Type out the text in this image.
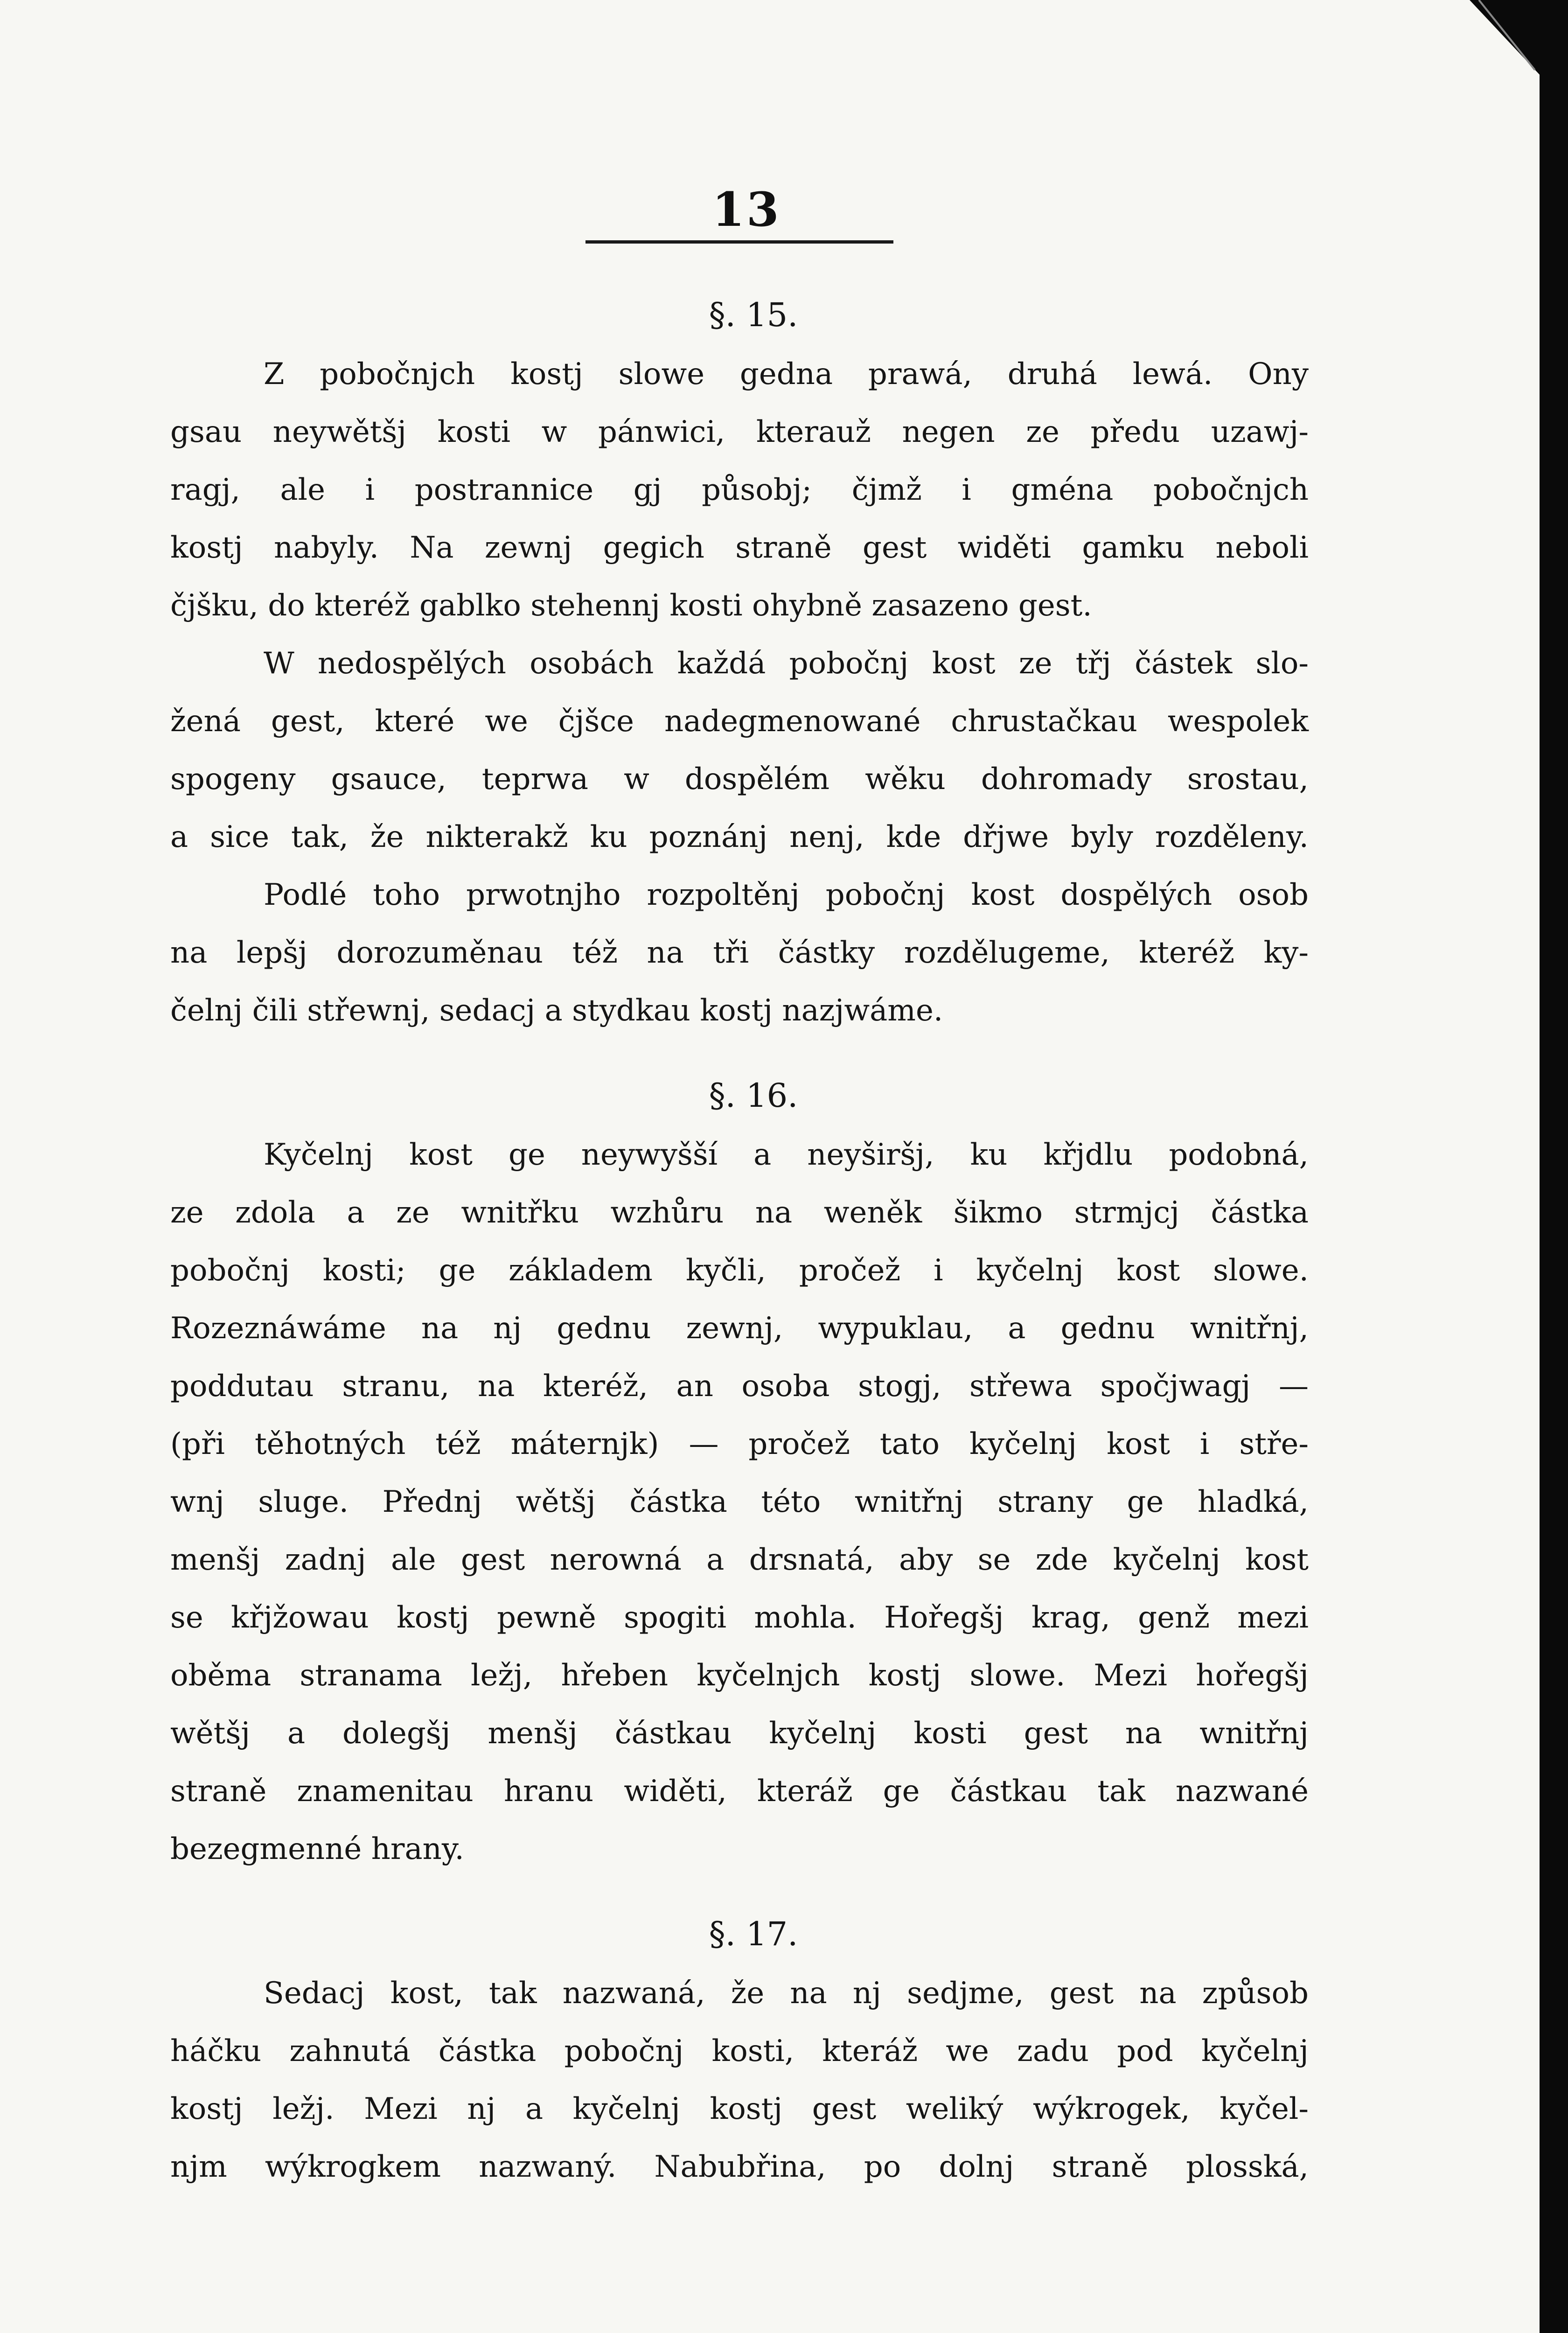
13
§. 15.
Z pobočnjch kostj slowe gedna prawá, druhá lewá. Ony
gsau neywětšj kosti w pánwici, kterauž negen ze předu uzawj-
ragj, ale i postrannice gj působj; čjmž i gména pobočnjch
kostj nabyly. Na zewnj gegich straně gest widěti gamku neboli
čjšku, do kteréž gablko stehennj kosti ohybně zasazeno gest.
W nedospělých osobách každá pobočnj kost ze třj částek slo-
žená gest, které we čjšce nadegmenowané chrustačkau wespolek
spogeny gsauce, teprwa w dospělém wěku dohromady srostau,
a sice tak, že nikterakž ku poznánj nenj, kde dřjwe byly rozděleny.
Podlé toho prwotnjho rozpoltěnj pobočnj kost dospělých osob
na lepšj dorozuměnau též na tři částky rozdělugeme, kteréž ky-
čelnj čili střewnj, sedacj a stydkau kostj nazjwáme.
§. 16.
Kyčelnj kost ge neywyšší a neyširšj, ku křjdlu podobná,
ze zdola a ze wnitřku wzhůru na weněk šikmo strmjcj částka
pobočnj kosti; ge základem kyčli, pročež i kyčelnj kost slowe.
Rozeznáwáme na nj gednu zewnj, wypuklau, a gednu wnitřnj,
poddutau stranu, na kteréž, an osoba stogj, střewa spočjwagj —
(při těhotných též máternjk) — pročež tato kyčelnj kost i stře-
wnj sluge. Přednj wětšj částka této wnitřnj strany ge hladká,
menšj zadnj ale gest nerowná a drsnatá, aby se zde kyčelnj kost
se křjžowau kostj pewně spogiti mohla. Hořegšj krag, genž mezi
oběma stranama ležj, hřeben kyčelnjch kostj slowe. Mezi hořegšj
wětšj a dolegšj menšj částkau kyčelnj kosti gest na wnitřnj
straně znamenitau hranu widěti, kteráž ge částkau tak nazwané
bezegmenné hrany.
§. 17.
Sedacj kost, tak nazwaná, že na nj sedjme, gest na způsob
háčku zahnutá částka pobočnj kosti, kteráž we zadu pod kyčelnj
kostj ležj. Mezi nj a kyčelnj kostj gest weliký wýkrogek, kyčel-
njm wýkrogkem nazwaný. Nabubřina, po dolnj straně plosská,
